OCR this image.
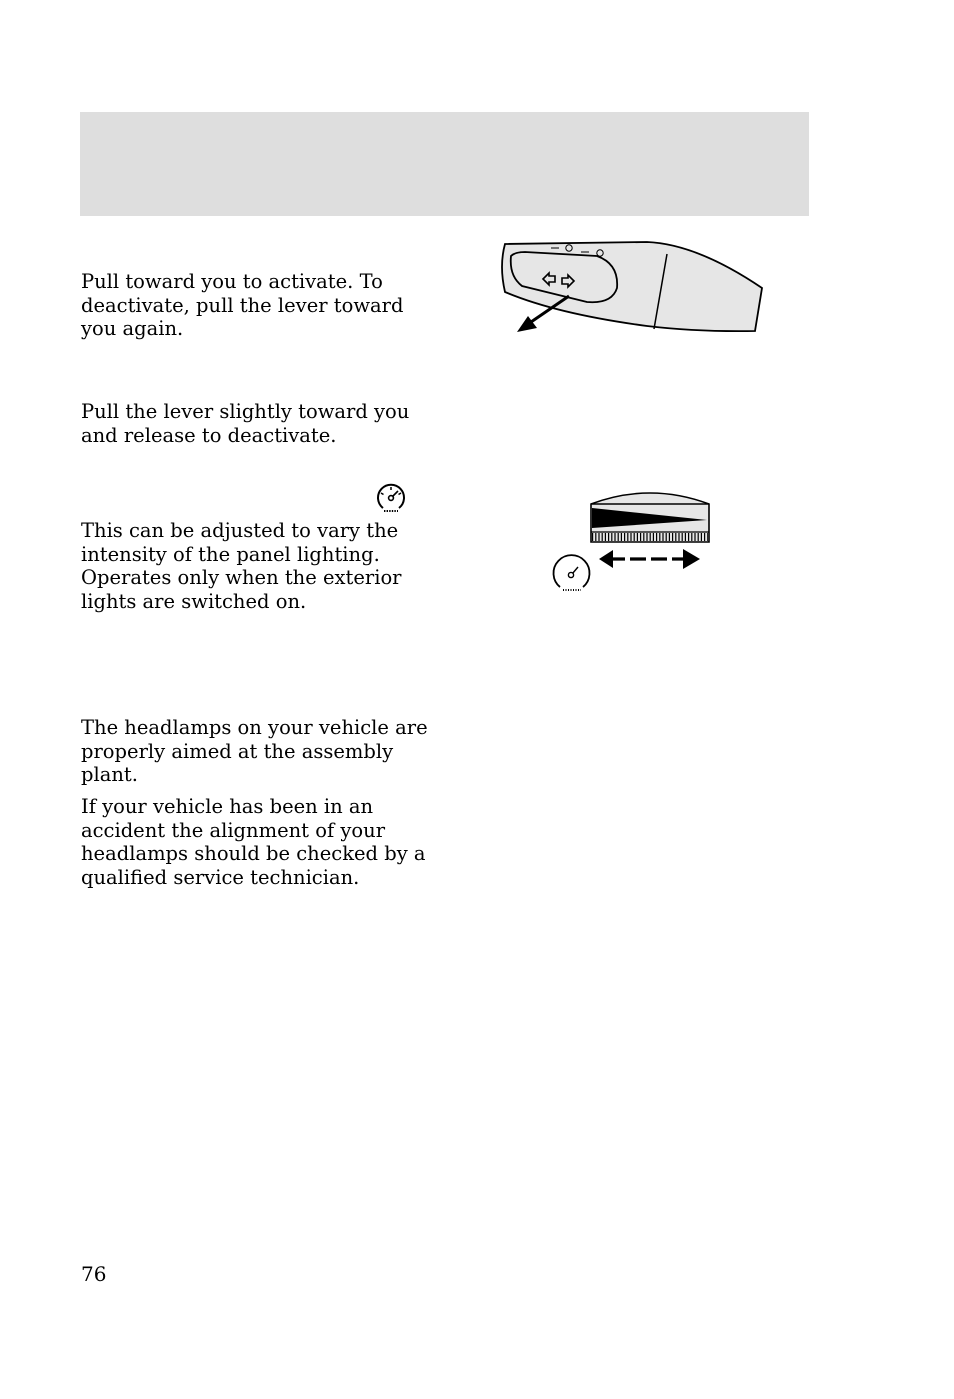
Pull toward you to activate. To deactivate, pull the lever toward you again.

Pull the lever slightly toward you and release to deactivate.

This can be adjusted to vary the intensity of the panel lighting. Operates only when the exterior lights are switched on.

The headlamps on your vehicle are properly aimed at the assembly plant.

If your vehicle has been in an accident the alignment of your headlamps should be checked by a qualified service technician.

76
